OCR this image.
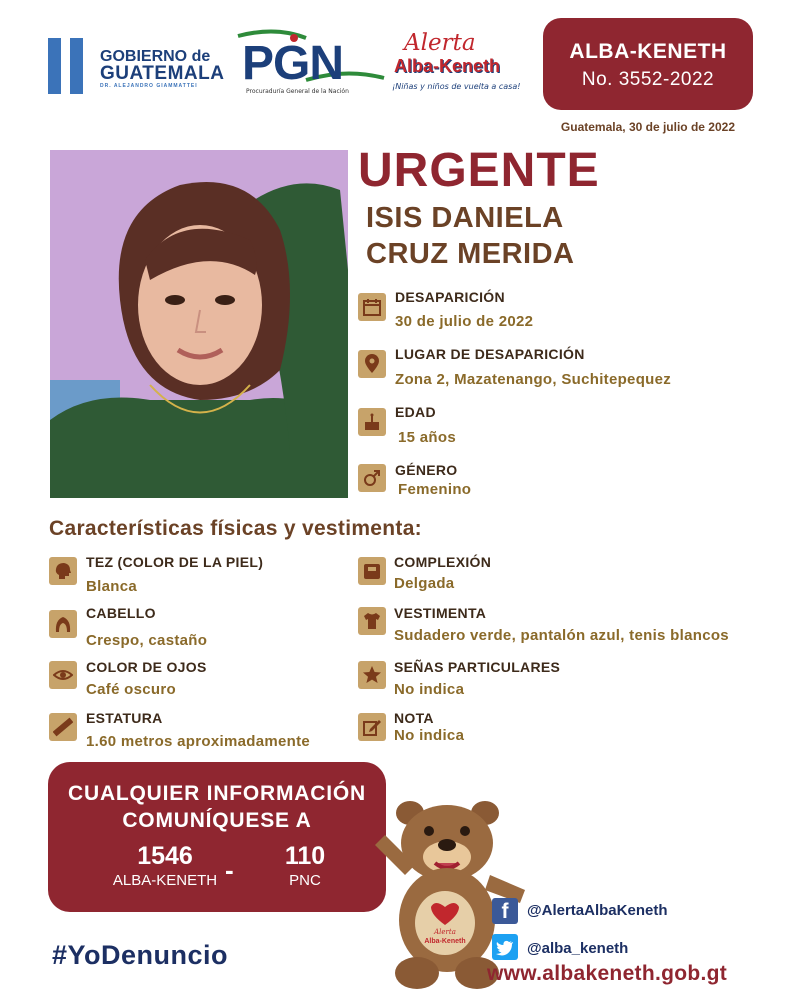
GOBIERNO de
GUATEMALA
DR. ALEJANDRO GIAMMATTEI PGN
Procuraduría General de la Nación
Alerta
Alba-Keneth
¡Niñas y niños de vuelta a casa!
ALBA-KENETH
No. 3552-2022
Guatemala, 30 de julio de 2022
URGENTE
ISIS DANIELA
CRUZ MERIDA
DESAPARICIÓN
30 de julio de 2022
LUGAR DE DESAPARICIÓN
Zona 2, Mazatenango, Suchitepequez
EDAD
15 años
GÉNERO
Femenino
Características físicas y vestimenta:
TEZ (COLOR DE LA PIEL)
Blanca
CABELLO
Crespo, castaño
COLOR DE OJOS
Café oscuro
ESTATURA
1.60 metros aproximadamente
COMPLEXIÓN
Delgada
VESTIMENTA
Sudadero verde, pantalón azul, tenis blancos
SEÑAS PARTICULARES
No indica
NOTA
No indica
CUALQUIER INFORMACIÓN
COMUNÍQUESE A
1546
ALBA-KENETH
110
PNC
-
#YoDenuncio
Alerta
Alba-Keneth
f	@AlertaAlbaKeneth
@alba_keneth
www.albakeneth.gob.gt
